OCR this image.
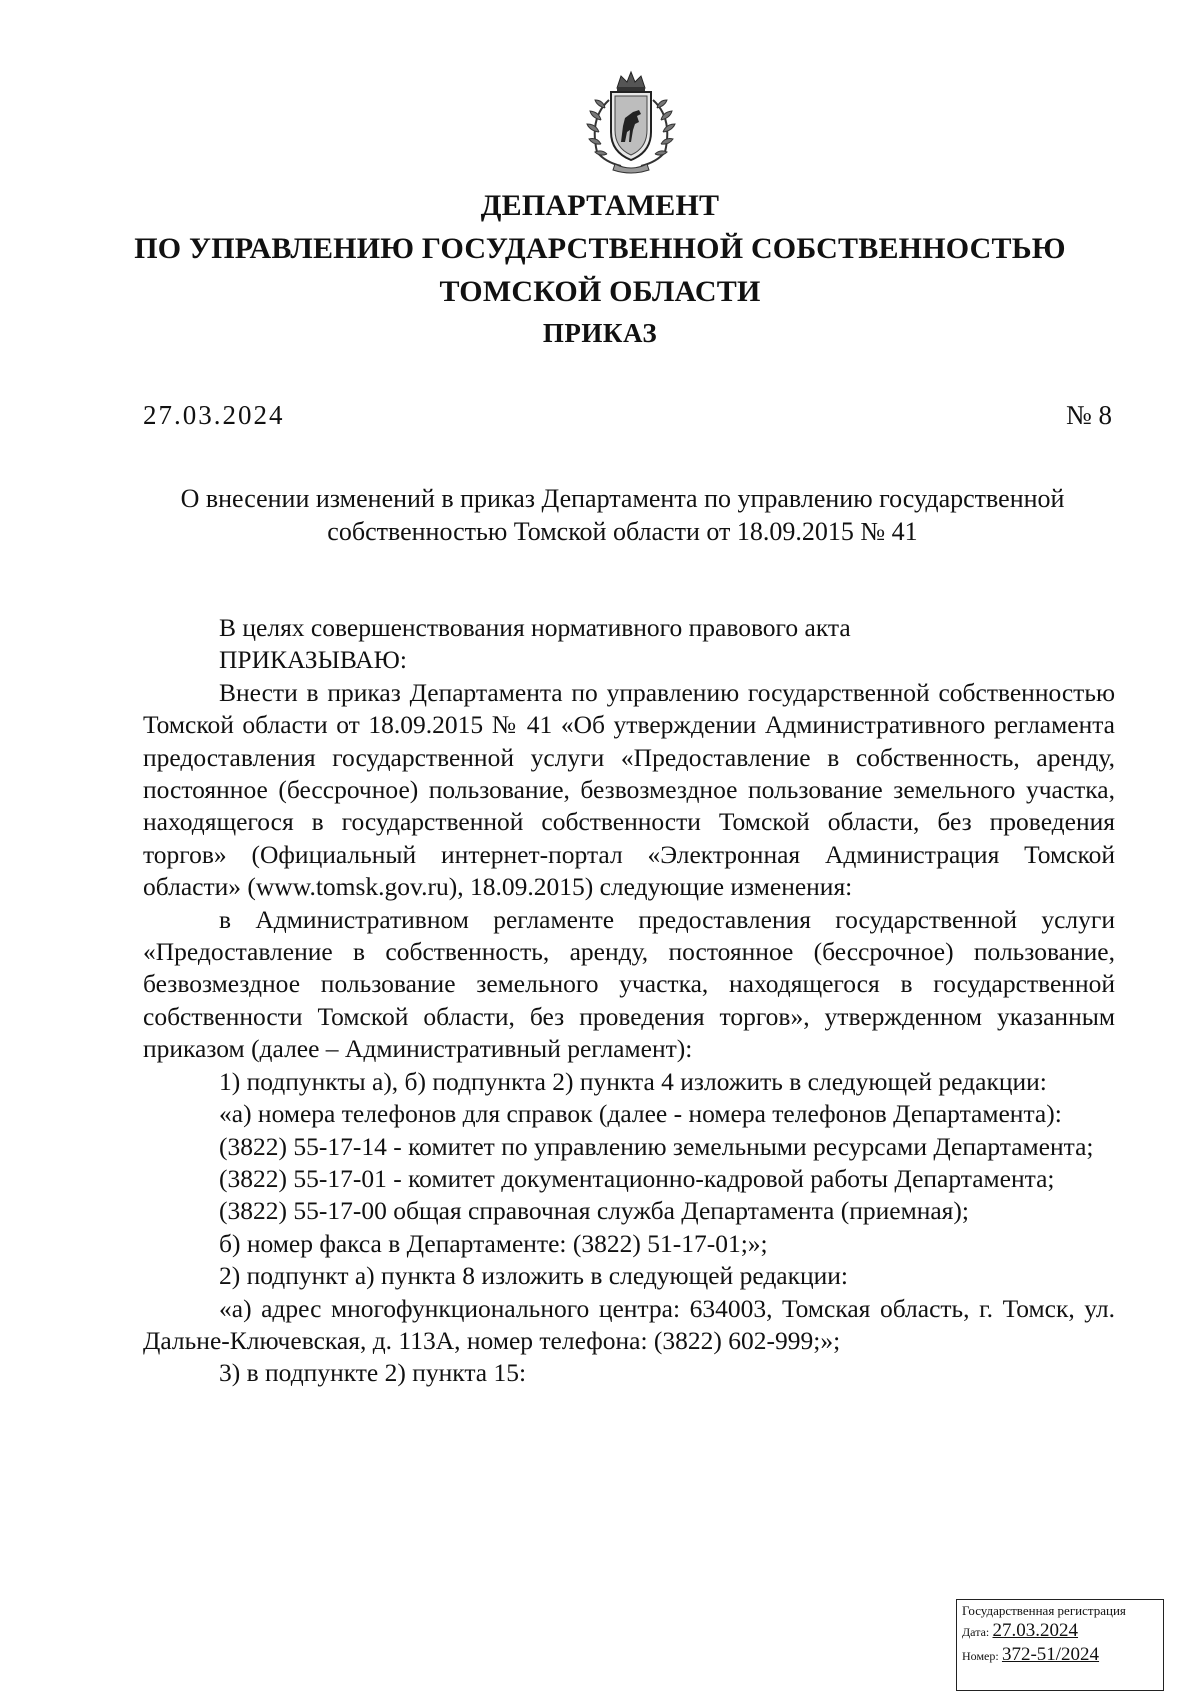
ДЕПАРТАМЕНТ
ПО УПРАВЛЕНИЮ ГОСУДАРСТВЕННОЙ СОБСТВЕННОСТЬЮ
ТОМСКОЙ ОБЛАСТИ
ПРИКАЗ
27.03.2024	№ 8
О внесении изменений в приказ Департамента по управлению государственной
собственностью Томской области от 18.09.2015 № 41

В целях совершенствования нормативного правового акта

ПРИКАЗЫВАЮ:

Внести в приказ Департамента по управлению государственной собственностью Томской области от 18.09.2015 № 41 «Об утверждении Административного регламента предоставления государственной услуги «Предоставление в собственность, аренду, постоянное (бессрочное) пользование, безвозмездное пользование земельного участка, находящегося в государственной собственности Томской области, без проведения торгов» (Официальный интернет-портал «Электронная Администрация Томской области» (www.tomsk.gov.ru), 18.09.2015) следующие изменения:

в Административном регламенте предоставления государственной услуги «Предоставление в собственность, аренду, постоянное (бессрочное) пользование, безвозмездное пользование земельного участка, находящегося в государственной собственности Томской области, без проведения торгов», утвержденном указанным приказом (далее – Административный регламент):

1) подпункты а), б) подпункта 2) пункта 4 изложить в следующей редакции:

«а) номера телефонов для справок (далее - номера телефонов Департамента):

(3822) 55-17-14 - комитет по управлению земельными ресурсами Департамента;

(3822) 55-17-01 - комитет документационно-кадровой работы Департамента;

(3822) 55-17-00 общая справочная служба Департамента (приемная);

б) номер факса в Департаменте: (3822) 51-17-01;»;

2) подпункт а) пункта 8 изложить в следующей редакции:

«а) адрес многофункционального центра: 634003, Томская область, г. Томск, ул. Дальне-Ключевская, д. 113А, номер телефона: (3822) 602-999;»;

3) в подпункте 2) пункта 15:

Государственная регистрация
Дата: 27.03.2024
Номер: 372-51/2024
